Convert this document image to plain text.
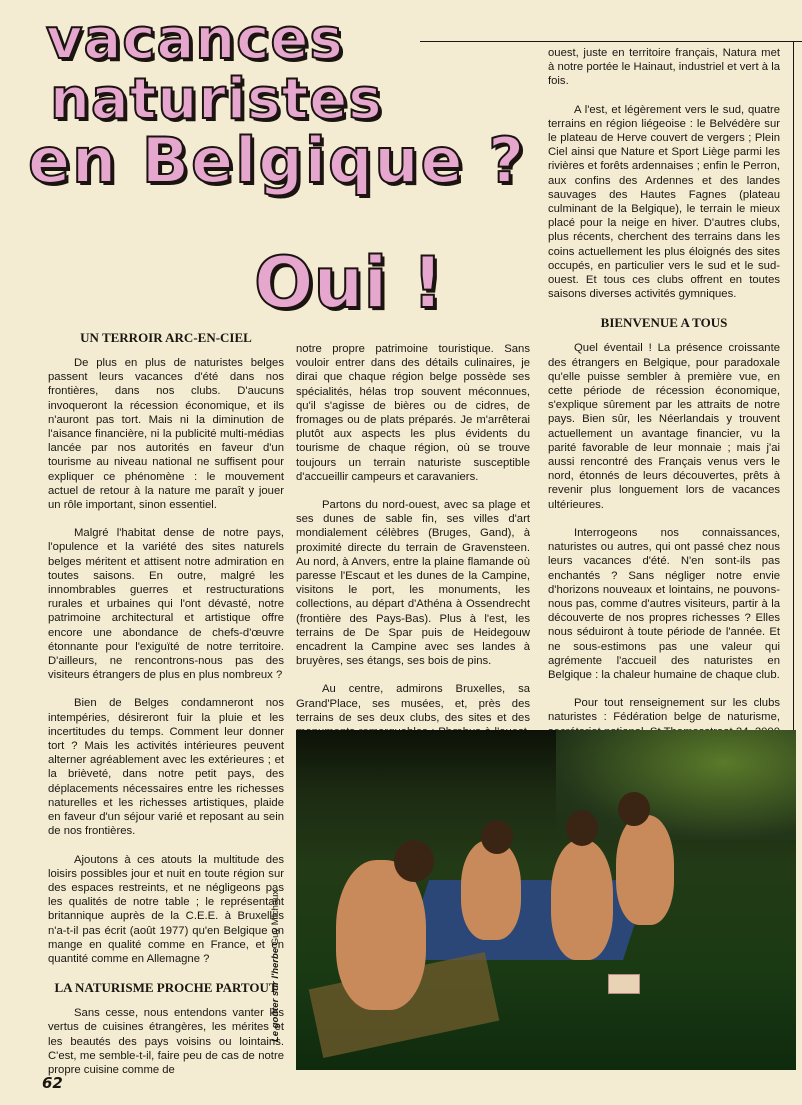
vacances
naturistes
en Belgique ?
Oui !
UN TERROIR ARC-EN-CIEL

De plus en plus de naturistes belges passent leurs vacances d'été dans nos frontières, dans nos clubs. D'aucuns invoqueront la récession économique, et ils n'auront pas tort. Mais ni la diminution de l'aisance financière, ni la publicité multi-médias lancée par nos autorités en faveur d'un tourisme au niveau national ne suffisent pour expliquer ce phénomène : le mouvement actuel de retour à la nature me paraît y jouer un rôle important, sinon essentiel.

Malgré l'habitat dense de notre pays, l'opulence et la variété des sites naturels belges méritent et attisent notre admiration en toutes saisons. En outre, malgré les innombrables guerres et restructurations rurales et urbaines qui l'ont dévasté, notre patrimoine architectural et artistique offre encore une abondance de chefs-d'œuvre étonnante pour l'exiguïté de notre territoire. D'ailleurs, ne rencontrons-nous pas des visiteurs étrangers de plus en plus nombreux ?

Bien de Belges condamneront nos intempéries, désireront fuir la pluie et les incertitudes du temps. Comment leur donner tort ? Mais les activités intérieures peuvent alterner agréablement avec les extérieures ; et la brièveté, dans notre petit pays, des déplacements nécessaires entre les richesses naturelles et les richesses artistiques, plaide en faveur d'un séjour varié et reposant au sein de nos frontières.

Ajoutons à ces atouts la multitude des loisirs possibles jour et nuit en toute région sur des espaces restreints, et ne négligeons pas les qualités de notre table ; le représentant britannique auprès de la C.E.E. à Bruxelles n'a-t-il pas écrit (août 1977) qu'en Belgique on mange en qualité comme en France, et en quantité comme en Allemagne ?

LA NATURISME PROCHE PARTOUT

Sans cesse, nous entendons vanter les vertus de cuisines étrangères, les mérites et les beautés des pays voisins ou lointains. C'est, me semble-t-il, faire peu de cas de notre propre cuisine comme de

notre propre patrimoine touristique. Sans vouloir entrer dans des détails culinaires, je dirai que chaque région belge possède ses spécialités, hélas trop souvent méconnues, qu'il s'agisse de bières ou de cidres, de fromages ou de plats préparés. Je m'arrêterai plutôt aux aspects les plus évidents du tourisme de chaque région, où se trouve toujours un terrain naturiste susceptible d'accueillir campeurs et caravaniers.

Partons du nord-ouest, avec sa plage et ses dunes de sable fin, ses villes d'art mondialement célèbres (Bruges, Gand), à proximité directe du terrain de Gravensteen. Au nord, à Anvers, entre la plaine flamande où paresse l'Escaut et les dunes de la Campine, visitons le port, les monuments, les collections, au départ d'Athéna à Ossendrecht (frontière des Pays-Bas). Plus à l'est, les terrains de De Spar puis de Heidegouw encadrent la Campine avec ses landes à bruyères, ses étangs, ses bois de pins.

Au centre, admirons Bruxelles, sa Grand'Place, ses musées, et, près des terrains de ses deux clubs, des sites et des

ouest, juste en territoire français, Natura met à notre portée le Hainaut, industriel et vert à la fois.

A l'est, et légèrement vers le sud, quatre terrains en région liégeoise : le Belvédère sur le plateau de Herve couvert de vergers ; Plein Ciel ainsi que Nature et Sport Liège parmi les rivières et forêts ardennaises ; enfin le Perron, aux confins des Ardennes et des landes sauvages des Hautes Fagnes (plateau culminant de la Belgique), le terrain le mieux placé pour la neige en hiver. D'autres clubs, plus récents, cherchent des terrains dans les coins actuellement les plus éloignés des sites occupés, en particulier vers le sud et le sud-ouest. Et tous ces clubs offrent en toutes saisons diverses activités gymniques.

BIENVENUE A TOUS

Quel éventail ! La présence croissante des étrangers en Belgique, pour paradoxale qu'elle puisse sembler à première vue, en cette période de récession économique, s'explique sûrement par les attraits de notre pays. Bien sûr, les Néerlandais y trouvent actuellement un avantage financier, vu la parité favorable de leur monnaie ; mais j'ai aussi rencontré des Français venus vers le nord, étonnés de leurs découvertes, prêts à revenir plus longuement lors de vacances ultérieures.

Interrogeons nos connaissances, naturistes ou autres, qui ont passé chez nous leurs vacances d'été. N'en sont-ils pas enchantés ? Sans négliger notre envie d'horizons nouveaux et lointains, ne pouvons-nous pas, comme d'autres visiteurs, partir à la découverte de nos propres richesses ? Elles nous séduiront à toute période de l'année. Et ne sous-estimons pas une valeur qui agrémente l'accueil des naturistes en Belgique : la chaleur humaine de chaque club.

Pour tout renseignement sur les clubs naturistes : Fédération belge de naturisme,

Le goûter sur l'herbe Guy Michaux
62
